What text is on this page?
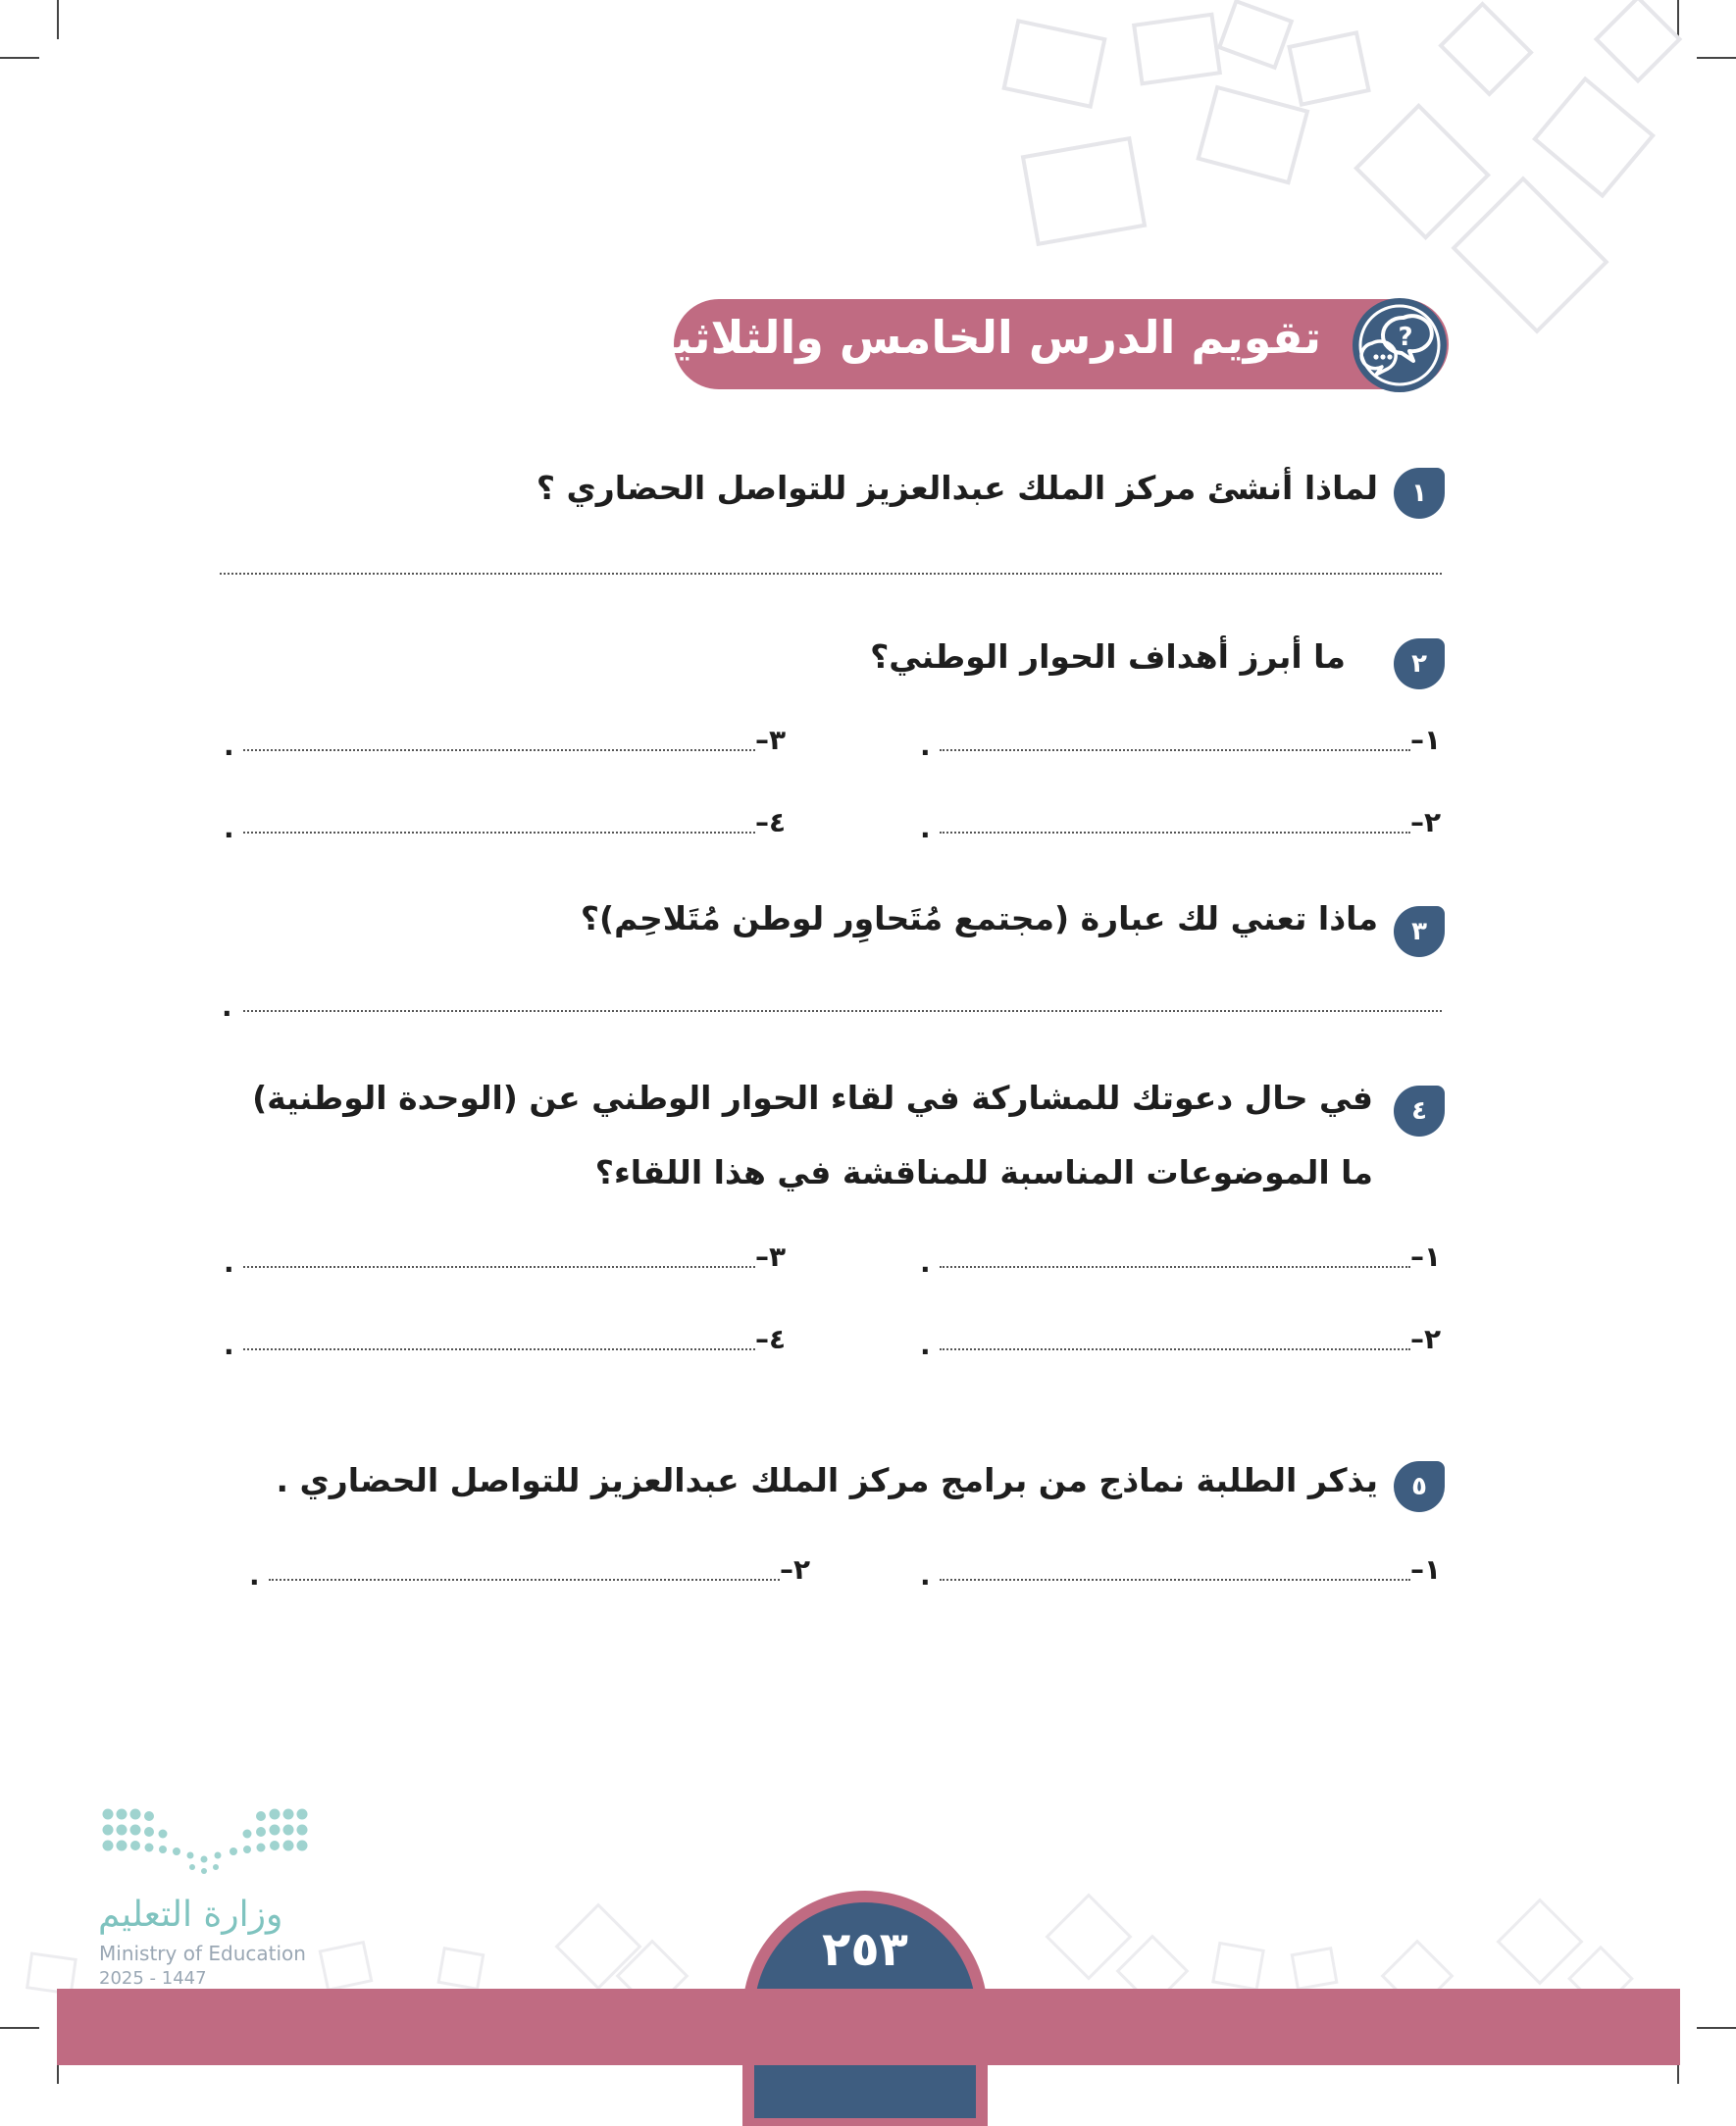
تقويم الدرس الخامس والثلاثين	?
١
لماذا أنشئ مركز الملك عبدالعزيز للتواصل الحضاري ؟
٢
ما أبرز أهداف الحوار الوطني؟
١–
.
٣–
.
٢–
.
٤–
.
٣
ماذا تعني لك عبارة (مجتمع مُتَحاوِر لوطن مُتَلاحِم)؟
.
٤
في حال دعوتك للمشاركة في لقاء الحوار الوطني عن (الوحدة الوطنية)
ما الموضوعات المناسبة للمناقشة في هذا اللقاء؟
١–
.
٣–
.
٢–
.
٤–
.
٥
يذكر الطلبة نماذج من برامج مركز الملك عبدالعزيز للتواصل الحضاري .
١–
.
٢–
.
٢٥٣
وزارة التعليم
Ministry of Education
2025 - 1447
